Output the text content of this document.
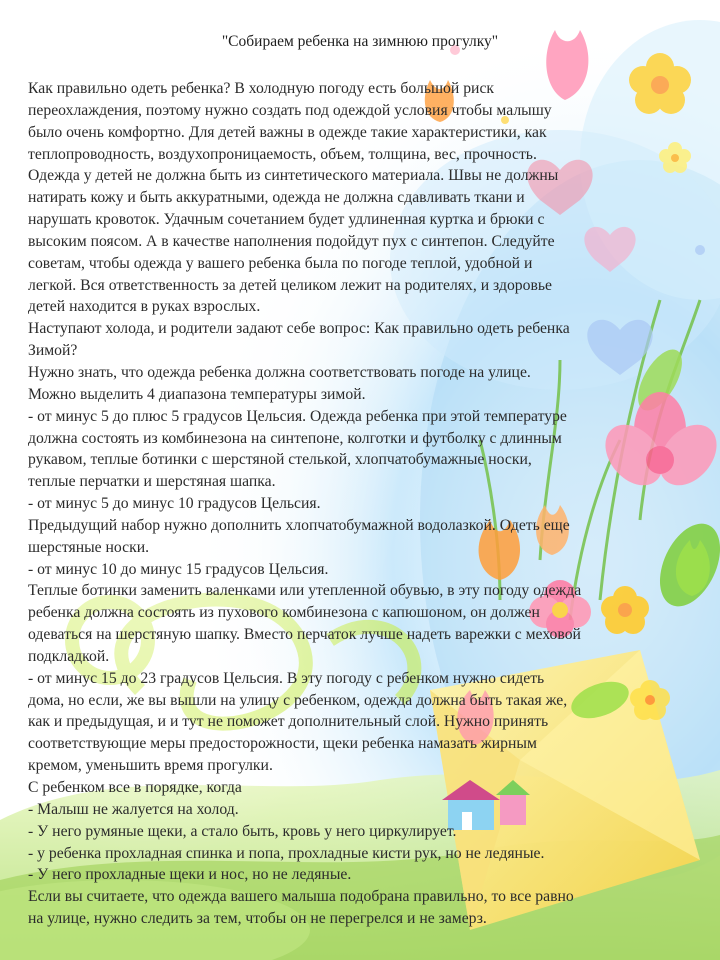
"Собираем ребенка на зимнюю прогулку"
Как правильно одеть ребенка? В холодную погоду есть большой риск
переохлаждения, поэтому нужно создать под одеждой условия чтобы малышу
было очень комфортно. Для детей важны в одежде такие характеристики, как
теплопроводность, воздухопроницаемость, объем, толщина, вес, прочность.
Одежда у детей не должна быть из синтетического материала. Швы не должны
натирать кожу и быть аккуратными, одежда не должна сдавливать ткани и
нарушать кровоток. Удачным сочетанием будет удлиненная куртка и брюки с
высоким поясом. А в качестве наполнения подойдут пух с синтепон. Следуйте
советам, чтобы одежда у вашего ребенка была по погоде теплой, удобной и
легкой. Вся ответственность за детей целиком лежит на родителях, и здоровье
детей находится в руках взрослых.
Наступают холода, и родители задают себе вопрос: Как правильно одеть ребенка
Зимой?
Нужно знать, что одежда ребенка должна соответствовать погоде на улице.
Можно выделить 4 диапазона температуры зимой.
- от минус 5 до плюс 5 градусов Цельсия. Одежда ребенка при этой температуре
должна состоять из комбинезона на синтепоне, колготки и футболку с длинным
рукавом, теплые ботинки с шерстяной стелькой, хлопчатобумажные носки,
теплые перчатки и шерстяная шапка.
- от минус 5 до минус 10 градусов Цельсия.
Предыдущий набор нужно дополнить хлопчатобумажной водолазкой. Одеть еще
шерстяные носки.
- от минус 10 до минус 15 градусов Цельсия.
Теплые ботинки заменить валенками или утепленной обувью, в эту погоду одежда
ребенка должна состоять из пухового комбинезона с капюшоном, он должен
одеваться на шерстяную шапку. Вместо перчаток лучше надеть варежки с меховой
подкладкой.
- от минус 15 до 23 градусов Цельсия. В эту погоду с ребенком нужно сидеть
дома, но если, же вы вышли на улицу с ребенком, одежда должна быть такая же,
как и предыдущая, и и тут не поможет дополнительный слой. Нужно принять
соответствующие меры предосторожности, щеки ребенка намазать жирным
кремом, уменьшить время прогулки.
С ребенком все в порядке, когда
- Малыш не жалуется на холод.
- У него румяные щеки, а стало быть, кровь у него циркулирует.
- у ребенка прохладная спинка и попа, прохладные кисти рук, но не ледяные.
- У него прохладные щеки и нос, но не ледяные.
Если вы считаете, что одежда вашего малыша подобрана правильно, то все равно
на улице, нужно следить за тем, чтобы он не перегрелся и не замерз.
